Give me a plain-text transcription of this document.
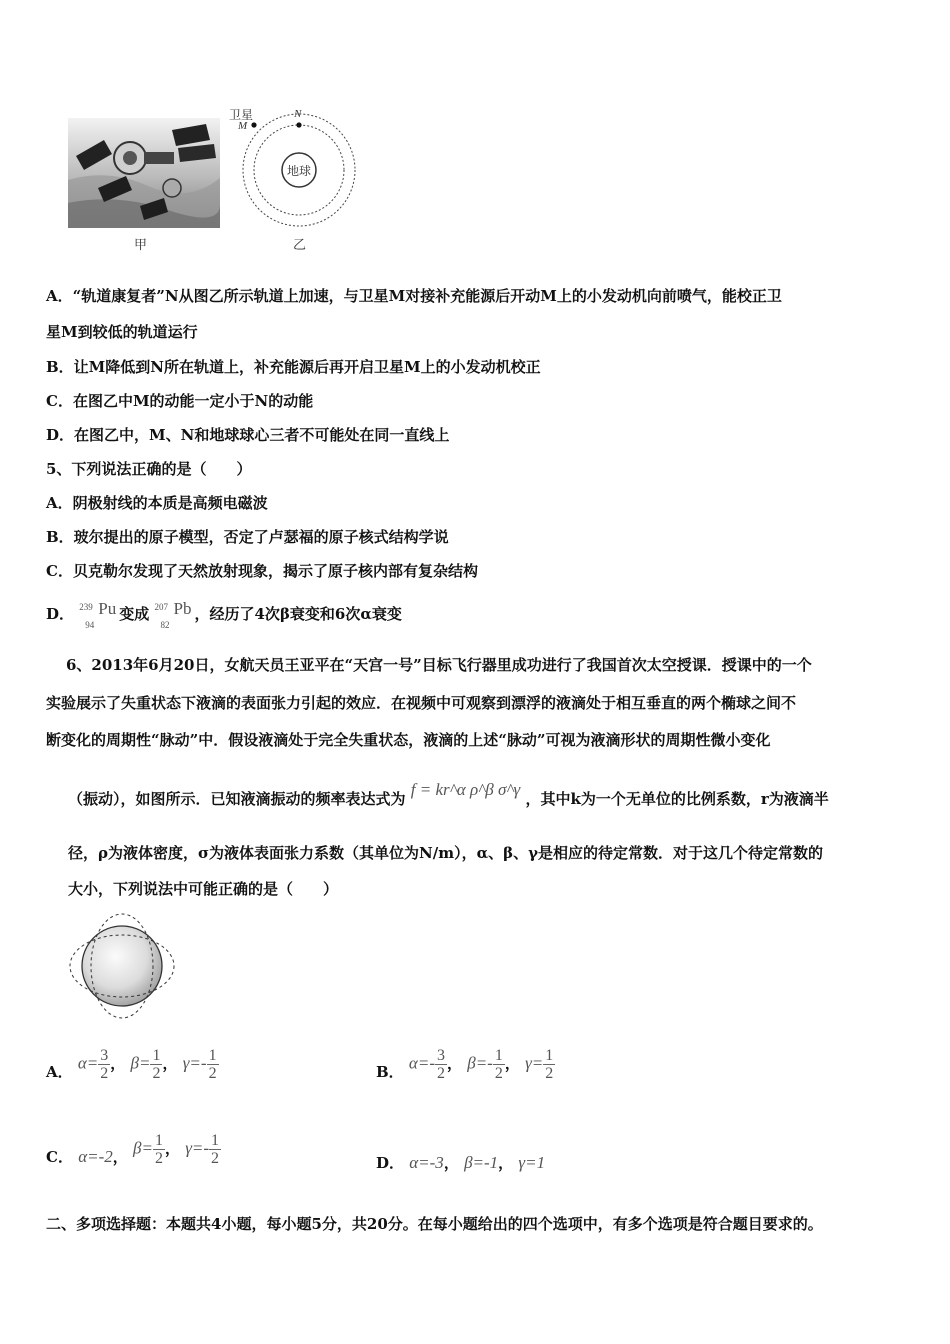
甲
卫星
M
N
地球
乙
A．“轨道康复者”N从图乙所示轨道上加速，与卫星M对接补充能源后开动M上的小发动机向前喷气，能校正卫
星M到较低的轨道运行
B．让M降低到N所在轨道上，补充能源后再开启卫星M上的小发动机校正
C．在图乙中M的动能一定小于N的动能
D．在图乙中，M、N和地球球心三者不可能处在同一直线上
5、下列说法正确的是（　　）
A．阴极射线的本质是高频电磁波
B．玻尔提出的原子模型，否定了卢瑟福的原子核式结构学说
C．贝克勒尔发现了天然放射现象，揭示了原子核内部有复杂结构
D． 239
94
Pu 变成 207
82
Pb ，经历了4次β衰变和6次α衰变
6、2013年6月20日，女航天员王亚平在“天宫一号”目标飞行器里成功进行了我国首次太空授课．授课中的一个
实验展示了失重状态下液滴的表面张力引起的效应．在视频中可观察到漂浮的液滴处于相互垂直的两个椭球之间不
断变化的周期性“脉动”中．假设液滴处于完全失重状态，液滴的上述“脉动”可视为液滴形状的周期性微小变化
（振动），如图所示．已知液滴振动的频率表达式为 f = kr^α ρ^β σ^γ ，其中k为一个无单位的比例系数，r为液滴半
径，ρ为液体密度，σ为液体表面张力系数（其单位为N/m），α、β、γ是相应的待定常数．对于这几个待定常数的
大小，下列说法中可能正确的是（　　）
A． $\alpha= \frac{3}{2}$ ， $\beta= \frac{1}{2}$ ， $\gamma=- \frac{1}{2}$	B． $\alpha=- \frac{3}{2}$ ， $\beta=- \frac{1}{2}$ ， $\gamma= \frac{1}{2}$
C． α=-2， $\beta= \frac{1}{2}$ ， $\gamma=- \frac{1}{2}$	D． α=-3， β=-1， γ=1
二、多项选择题：本题共4小题，每小题5分，共20分。在每小题给出的四个选项中，有多个选项是符合题目要求的。
